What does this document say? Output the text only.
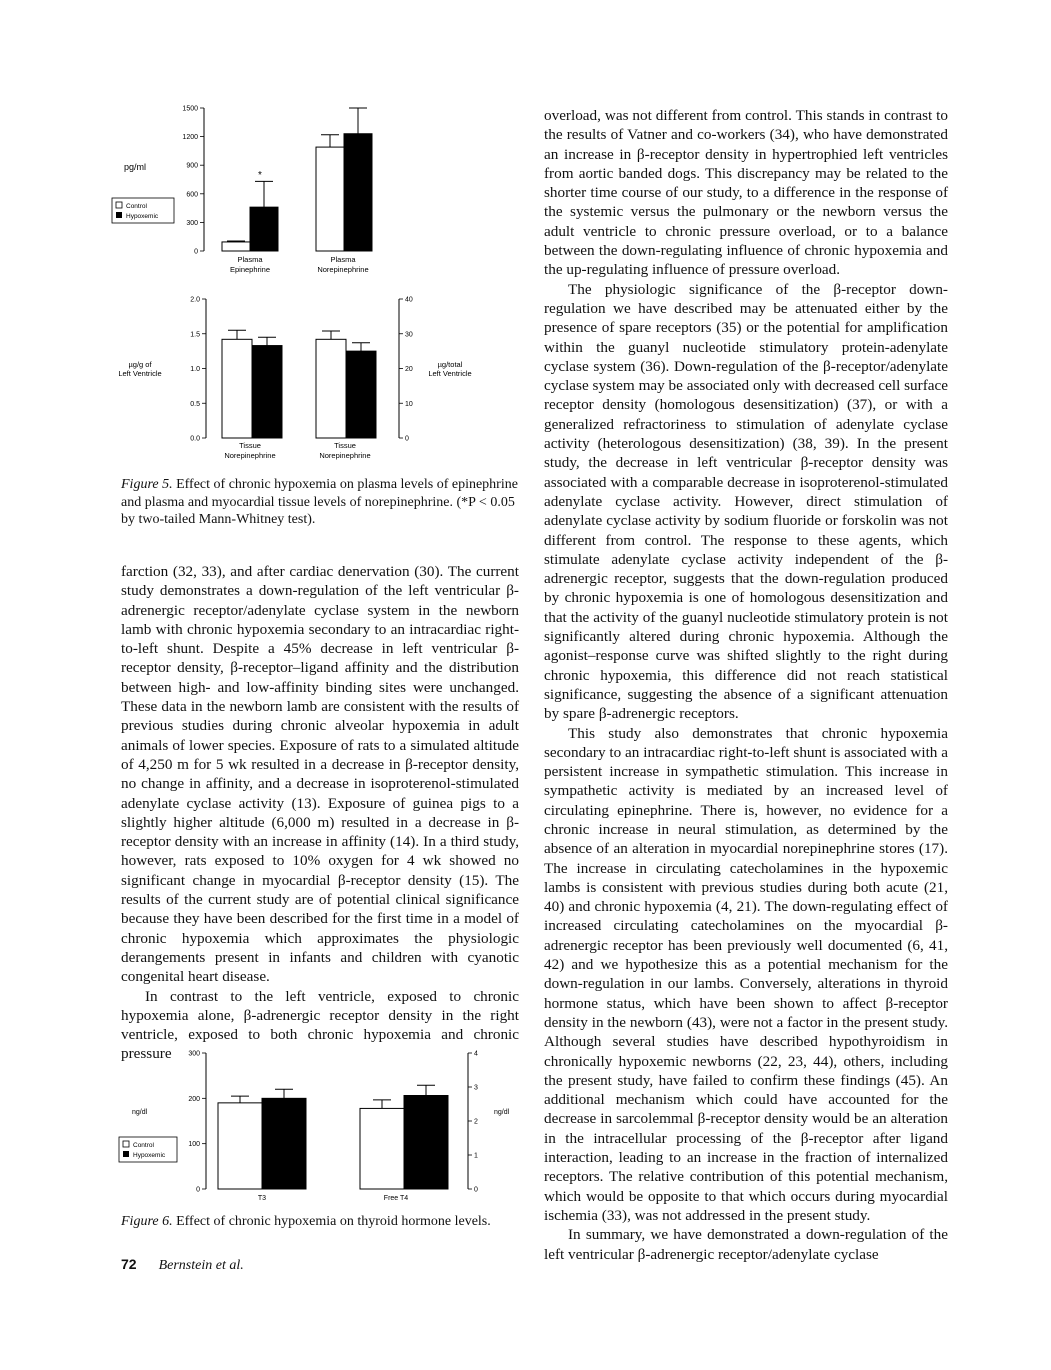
1500
1200
900
600
300
0
pg/ml
Control
Hypoxemic
*
Plasma
Epinephrine
Plasma
Norepinephrine
2.0
1.5
1.0
0.5
0.0
40
30
20
10
0
µg/g of
Left Ventricle
µg/total
Left Ventricle
Tissue
Norepinephrine
Tissue
Norepinephrine
Figure 5. Effect of chronic hypoxemia on plasma levels of epinephrine and plasma and myocardial tissue levels of norepinephrine. (*P < 0.05 by two-tailed Mann-Whitney test).

farction (32, 33), and after cardiac denervation (30). The current study demonstrates a down-regulation of the left ventricular β-adrenergic receptor/adenylate cyclase system in the newborn lamb with chronic hypoxemia secondary to an intracardiac right-to-left shunt. Despite a 45% decrease in left ventricular β-receptor density, β-receptor–ligand affinity and the distribution between high- and low-affinity binding sites were unchanged. These data in the newborn lamb are consistent with the results of previous studies during chronic alveolar hypoxemia in adult animals of lower species. Exposure of rats to a simulated altitude of 4,250 m for 5 wk resulted in a decrease in β-receptor density, no change in affinity, and a decrease in isoproterenol-stimulated adenylate cyclase activity (13). Exposure of guinea pigs to a slightly higher altitude (6,000 m) resulted in a decrease in β-receptor density with an increase in affinity (14). In a third study, however, rats exposed to 10% oxygen for 4 wk showed no significant change in myocardial β-receptor density (15). The results of the current study are of potential clinical significance because they have been described for the first time in a model of chronic hypoxemia which approximates the physiologic derangements present in infants and children with cyanotic congenital heart disease.

In contrast to the left ventricle, exposed to chronic hypoxemia alone, β-adrenergic receptor density in the right ventricle, exposed to both chronic hypoxemia and chronic pressure	300
200
100
0
4
3
2
1
0
ng/dl	ng/dl
Control
Hypoxemic
T3	Free T4
Figure 6. Effect of chronic hypoxemia on thyroid hormone levels.

overload, was not different from control. This stands in contrast to the results of Vatner and co-workers (34), who have demonstrated an increase in β-receptor density in hypertrophied left ventricles from aortic banded dogs. This discrepancy may be related to the shorter time course of our study, to a difference in the response of the systemic versus the pulmonary or the newborn versus the adult ventricle to chronic pressure overload, or to a balance between the down-regulating influence of chronic hypoxemia and the up-regulating influence of pressure overload.

The physiologic significance of the β-receptor down-regulation we have described may be attenuated either by the presence of spare receptors (35) or the potential for amplification within the guanyl nucleotide stimulatory protein-adenylate cyclase system (36). Down-regulation of the β-receptor/adenylate cyclase system may be associated only with decreased cell surface receptor density (homologous desensitization) (37), or with a generalized refractoriness to stimulation of adenylate cyclase activity (heterologous desensitization) (38, 39). In the present study, the decrease in left ventricular β-receptor density was associated with a comparable decrease in isoproterenol-stimulated adenylate cyclase activity. However, direct stimulation of adenylate cyclase activity by sodium fluoride or forskolin was not different from control. The response to these agents, which stimulate adenylate cyclase activity independent of the β-adrenergic receptor, suggests that the down-regulation produced by chronic hypoxemia is one of homologous desensitization and that the activity of the guanyl nucleotide stimulatory protein is not significantly altered during chronic hypoxemia. Although the agonist–response curve was shifted slightly to the right during chronic hypoxemia, this difference did not reach statistical significance, suggesting the absence of a significant attenuation by spare β-adrenergic receptors.

This study also demonstrates that chronic hypoxemia secondary to an intracardiac right-to-left shunt is associated with a persistent increase in sympathetic stimulation. This increase in sympathetic activity is mediated by an increased level of circulating epinephrine. There is, however, no evidence for a chronic increase in neural stimulation, as determined by the absence of an alteration in myocardial norepinephrine stores (17). The increase in circulating catecholamines in the hypoxemic lambs is consistent with previous studies during both acute (21, 40) and chronic hypoxemia (4, 21). The down-regulating effect of increased circulating catecholamines on the myocardial β-adrenergic receptor has been previously well documented (6, 41, 42) and we hypothesize this as a potential mechanism for the down-regulation in our lambs. Conversely, alterations in thyroid hormone status, which have been shown to affect β-receptor density in the newborn (43), were not a factor in the present study. Although several studies have described hypothyroidism in chronically hypoxemic newborns (22, 23, 44), others, including the present study, have failed to confirm these findings (45). An additional mechanism which could have accounted for the decrease in sarcolemmal β-receptor density would be an alteration in the intracellular processing of the β-receptor after ligand interaction, leading to an increase in the fraction of internalized receptors. The relative contribution of this potential mechanism, which would be opposite to that which occurs during myocardial ischemia (33), was not addressed in the present study.

In summary, we have demonstrated a down-regulation of the left ventricular β-adrenergic receptor/adenylate cyclase

72 Bernstein et al.
